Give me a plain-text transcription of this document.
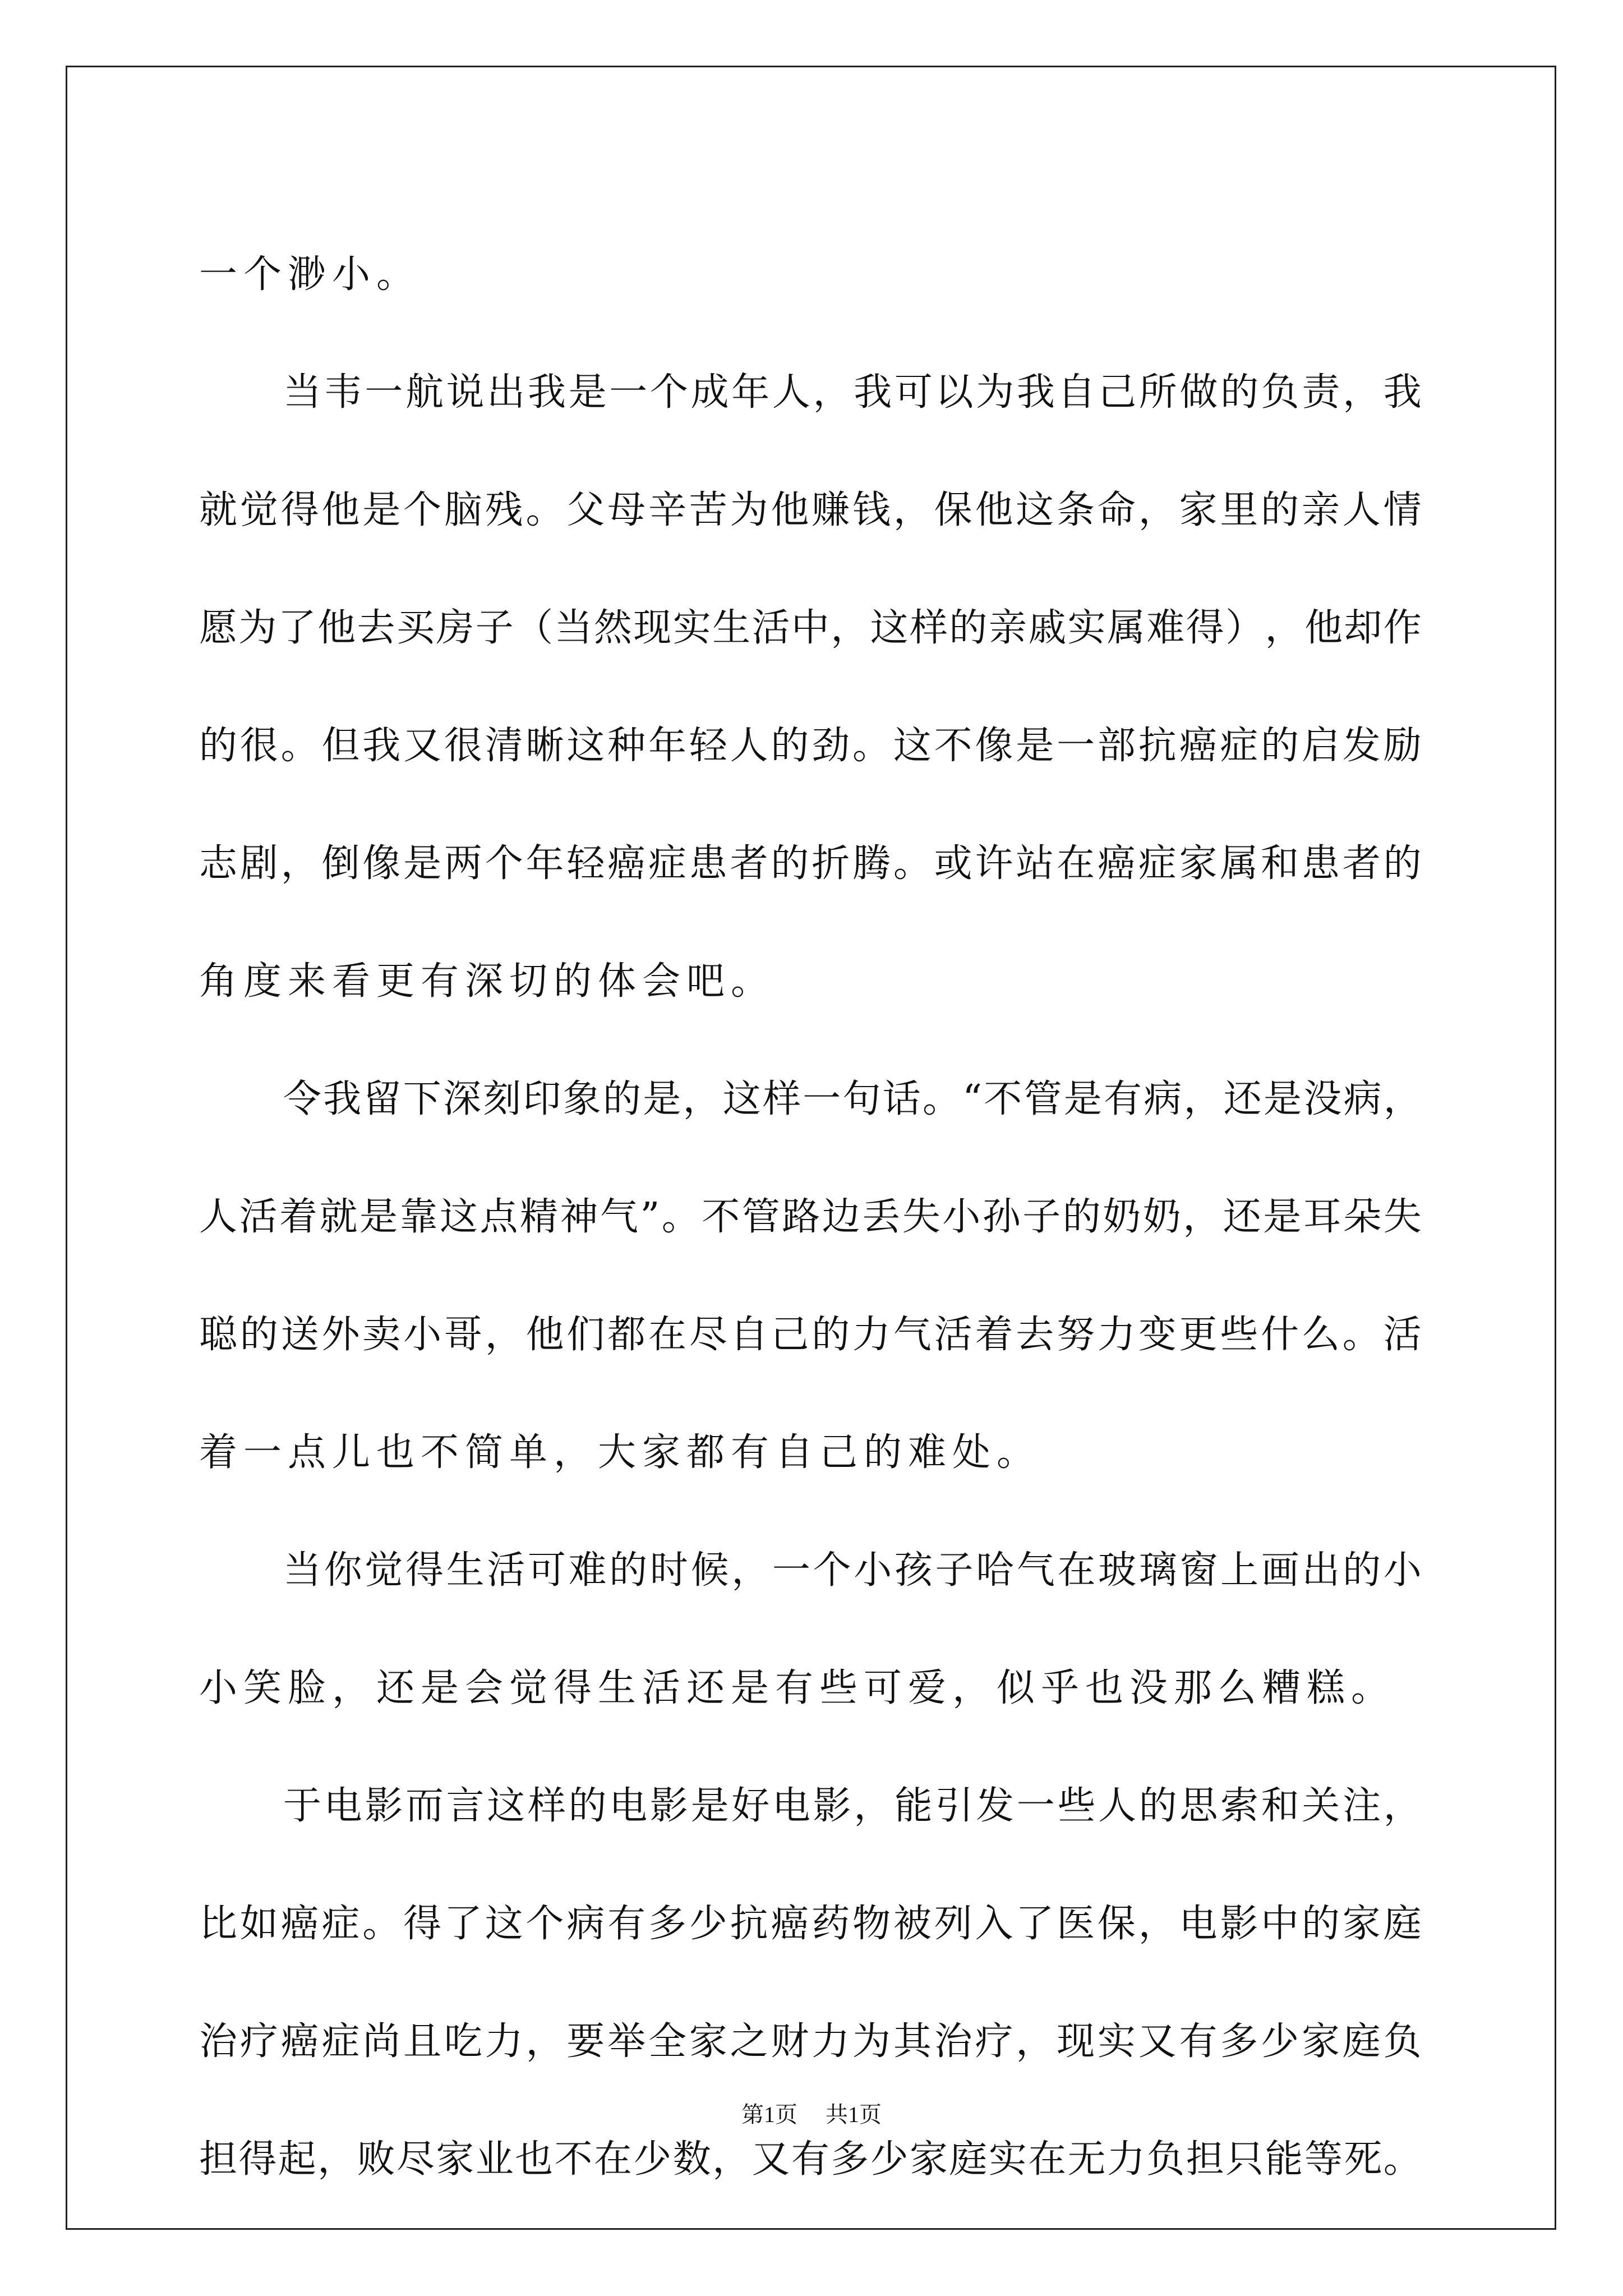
一个渺小。
当 韦 一 航 说 出 我 是 一 个 成 年 人 ， 我 可 以 为 我 自 己 所 做 的 负 责 ， 我
就 觉 得 他 是 个 脑 残 。 父 母 辛 苦 为 他 赚 钱 ， 保 他 这 条 命 ， 家 里 的 亲 人 情
愿 为 了 他 去 买 房 子 （ 当 然 现 实 生 活 中 ， 这 样 的 亲 戚 实 属 难 得 ） ， 他 却 作
的 很 。 但 我 又 很 清 晰 这 种 年 轻 人 的 劲 。 这 不 像 是 一 部 抗 癌 症 的 启 发 励
志 剧 ， 倒 像 是 两 个 年 轻 癌 症 患 者 的 折 腾 。 或 许 站 在 癌 症 家 属 和 患 者 的
角度来看更有深切的体会吧。
令 我 留 下 深 刻 印 象 的 是 ， 这 样 一 句 话 。 “ 不 管 是 有 病 ， 还 是 没 病 ，
人 活 着 就 是 靠 这 点 精 神 气 ” 。 不 管 路 边 丢 失 小 孙 子 的 奶 奶 ， 还 是 耳 朵 失
聪 的 送 外 卖 小 哥 ， 他 们 都 在 尽 自 己 的 力 气 活 着 去 努 力 变 更 些 什 么 。 活
着一点儿也不简单，大家都有自己的难处。
当 你 觉 得 生 活 可 难 的 时 候 ， 一 个 小 孩 子 哈 气 在 玻 璃 窗 上 画 出 的 小
小笑脸，还是会觉得生活还是有些可爱，似乎也没那么糟糕。
于 电 影 而 言 这 样 的 电 影 是 好 电 影 ， 能 引 发 一 些 人 的 思 索 和 关 注 ，
比 如 癌 症 。 得 了 这 个 病 有 多 少 抗 癌 药 物 被 列 入 了 医 保 ， 电 影 中 的 家 庭
治 疗 癌 症 尚 且 吃 力 ， 要 举 全 家 之 财 力 为 其 治 疗 ， 现 实 又 有 多 少 家 庭 负
担 得 起 ， 败 尽 家 业 也 不 在 少 数 ， 又 有 多 少 家 庭 实 在 无 力 负 担 只 能 等 死 。
第1页 共1页
